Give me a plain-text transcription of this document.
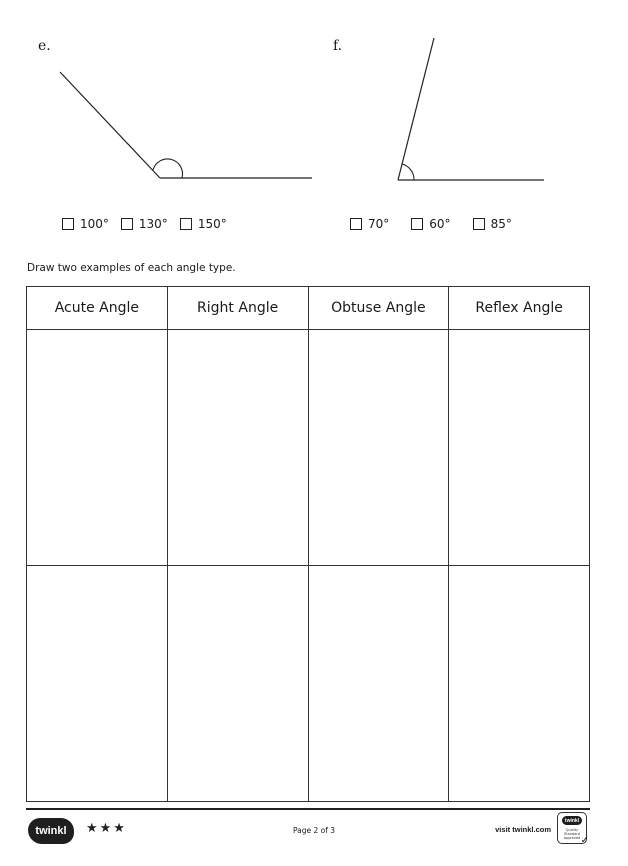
e.
100°	130°	150°
f.
70°	60°	85°
Draw two examples of each angle type.
Acute Angle	Right Angle	Obtuse Angle	Reflex Angle

twinkl	★★★	Page 2 of 3	visit twinkl.com
twinkl
Quality Standard Approved ✓
